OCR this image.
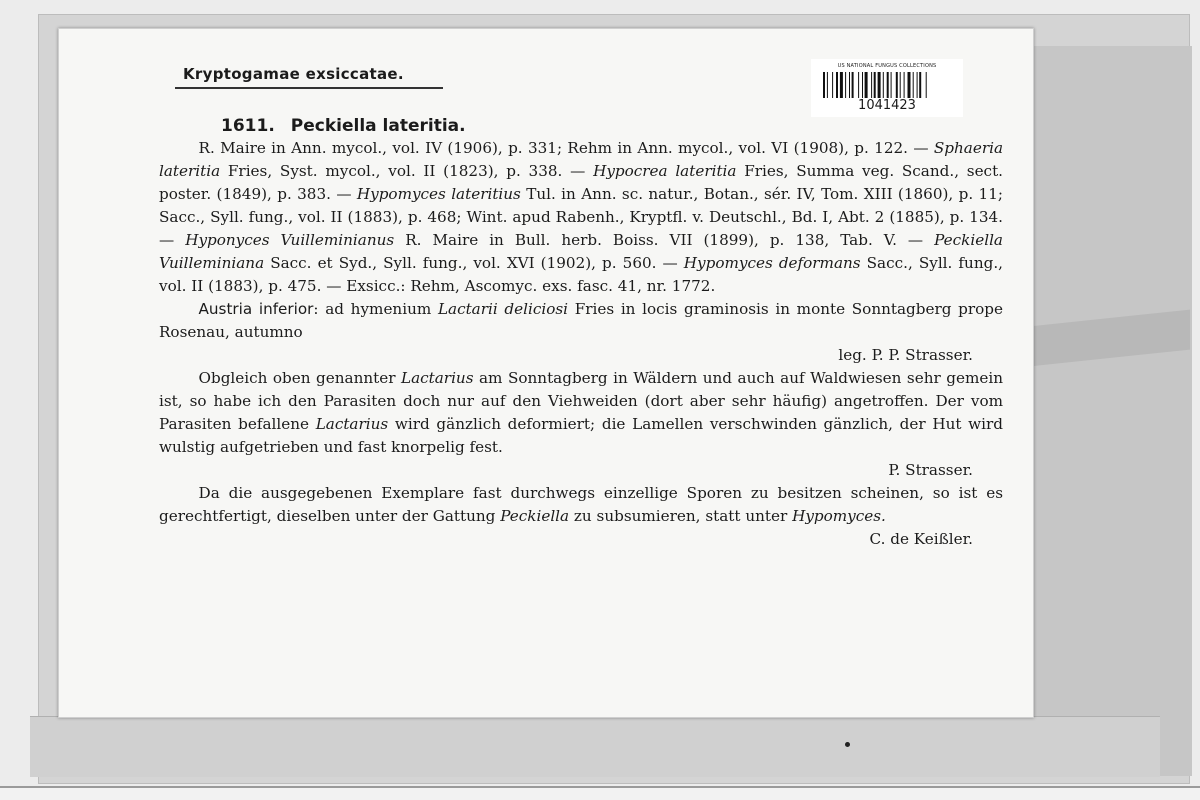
Kryptogamae exsiccatae.	US NATIONAL FUNGUS COLLECTIONS
1041423
1611. Peckiella lateritia.

R. Maire in Ann. mycol., vol. IV (1906), p. 331; Rehm in Ann. mycol., vol. VI (1908), p. 122. — Sphaeria lateritia Fries, Syst. mycol., vol. II (1823), p. 338. — Hypocrea lateritia Fries, Summa veg. Scand., sect. poster. (1849), p. 383. — Hypomyces lateritius Tul. in Ann. sc. natur., Botan., sér. IV, Tom. XIII (1860), p. 11; Sacc., Syll. fung., vol. II (1883), p. 468; Wint. apud Rabenh., Kryptfl. v. Deutschl., Bd. I, Abt. 2 (1885), p. 134. — Hyponyces Vuilleminianus R. Maire in Bull. herb. Boiss. VII (1899), p. 138, Tab. V. — Peckiella Vuilleminiana Sacc. et Syd., Syll. fung., vol. XVI (1902), p. 560. — Hypomyces deformans Sacc., Syll. fung., vol. II (1883), p. 475. — Exsicc.: Rehm, Ascomyc. exs. fasc. 41, nr. 1772.

Austria inferior: ad hymenium Lactarii deliciosi Fries in locis graminosis in monte Sonntagberg prope Rosenau, autumno
leg. P. P. Strasser.

Obgleich oben genannter Lactarius am Sonntagberg in Wäldern und auch auf Waldwiesen sehr gemein ist, so habe ich den Parasiten doch nur auf den Viehweiden (dort aber sehr häufig) angetroffen. Der vom Parasiten befallene Lactarius wird gänzlich deformiert; die Lamellen verschwinden gänzlich, der Hut wird wulstig aufgetrieben und fast knorpelig fest.
P. Strasser.

Da die ausgegebenen Exemplare fast durchwegs einzellige Sporen zu besitzen scheinen, so ist es gerechtfertigt, dieselben unter der Gattung Peckiella zu subsumieren, statt unter Hypomyces.
C. de Keißler.
